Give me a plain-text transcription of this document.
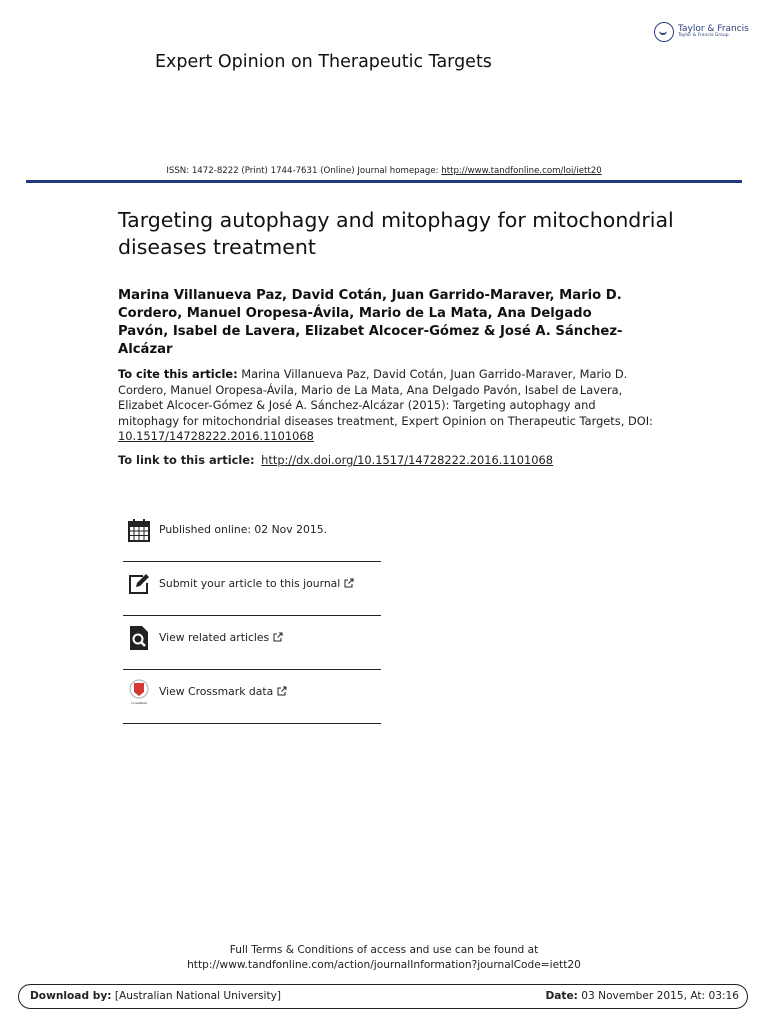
Taylor & Francis
Taylor & Francis Group
Expert Opinion on Therapeutic Targets
ISSN: 1472-8222 (Print) 1744-7631 (Online) Journal homepage: http://www.tandfonline.com/loi/iett20
Targeting autophagy and mitophagy for mitochondrial diseases treatment
Marina Villanueva Paz, David Cotán, Juan Garrido-Maraver, Mario D. Cordero, Manuel Oropesa-Ávila, Mario de La Mata, Ana Delgado Pavón, Isabel de Lavera, Elizabet Alcocer-Gómez & José A. Sánchez-Alcázar
To cite this article: Marina Villanueva Paz, David Cotán, Juan Garrido-Maraver, Mario D. Cordero, Manuel Oropesa-Ávila, Mario de La Mata, Ana Delgado Pavón, Isabel de Lavera, Elizabet Alcocer-Gómez & José A. Sánchez-Alcázar (2015): Targeting autophagy and mitophagy for mitochondrial diseases treatment, Expert Opinion on Therapeutic Targets, DOI: 10.1517/14728222.2016.1101068
To link to this article: http://dx.doi.org/10.1517/14728222.2016.1101068
Published online: 02 Nov 2015.
Submit your article to this journal
View related articles
CrossMark
View Crossmark data
Full Terms & Conditions of access and use can be found at
http://www.tandfonline.com/action/journalInformation?journalCode=iett20
Download by: [Australian National University]	Date: 03 November 2015, At: 03:16
